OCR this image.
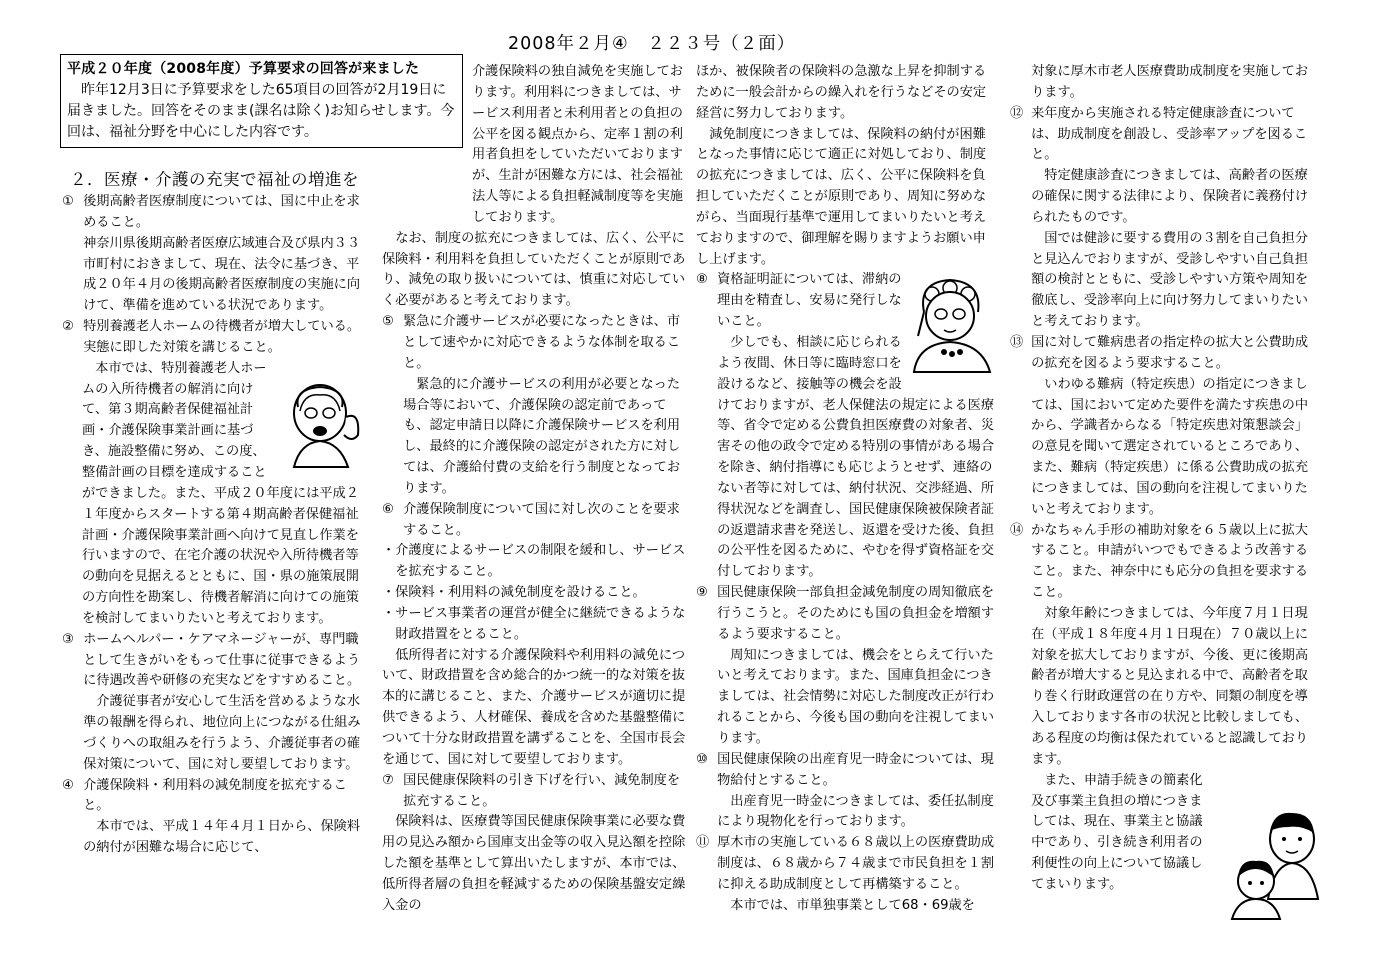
2008年２月④　２２３号（２面）
平成２０年度（2008年度）予算要求の回答が来ました
昨年12月3日に予算要求をした65項目の回答が2月19日に届きました。回答をそのまま(課名は除く)お知らせします。今回は、福祉分野を中心にした内容です。

２．医療・介護の充実で福祉の増進を

① 後期高齢者医療制度については、国に中止を求めること。

神奈川県後期高齢者医療広域連合及び県内３３市町村におきまして、現在、法令に基づき、平成２０年４月の後期高齢者医療制度の実施に向けて、準備を進めている状況であります。

② 特別養護老人ホームの待機者が増大している。実態に即した対策を講じること。

本市では、特別養護老人ホームの入所待機者の解消に向けて、第３期高齢者保健福祉計画・介護保険事業計画に基づき、施設整備に努め、この度、整備計画の目標を達成することができました。また、平成２０年度には平成２１年度からスタートする第４期高齢者保健福祉計画・介護保険事業計画へ向けて見直し作業を行いますので、在宅介護の状況や入所待機者等の動向を見据えるとともに、国・県の施策展開の方向性を勘案し、待機者解消に向けての施策を検討してまいりたいと考えております。

③ ホームヘルパー・ケアマネージャーが、専門職として生きがいをもって仕事に従事できるように待遇改善や研修の充実などをすすめること。

介護従事者が安心して生活を営めるような水準の報酬を得られ、地位向上につながる仕組みづくりへの取組みを行うよう、介護従事者の確保対策について、国に対し要望しております。

④ 介護保険料・利用料の減免制度を拡充すること。

本市では、平成１４年４月１日から、保険料の納付が困難な場合に応じて、

介護保険料の独自減免を実施しております。利用料につきましては、サービス利用者と未利用者との負担の公平を図る観点から、定率１割の利用者負担をしていただいておりますが、生計が困難な方には、社会福祉法人等による負担軽減制度等を実施しております。

なお、制度の拡充につきましては、広く、公平に保険料・利用料を負担していただくことが原則であり、減免の取り扱いについては、慎重に対応していく必要があると考えております。

⑤ 緊急に介護サービスが必要になったときは、市として速やかに対応できるような体制を取ること。

緊急的に介護サービスの利用が必要となった場合等において、介護保険の認定前であっても、認定申請日以降に介護保険サービスを利用し、最終的に介護保険の認定がされた方に対しては、介護給付費の支給を行う制度となっております。

⑥ 介護保険制度について国に対し次のことを要求すること。

・介護度によるサービスの制限を緩和し、サービスを拡充すること。

・保険料・利用料の減免制度を設けること。

・サービス事業者の運営が健全に継続できるような財政措置をとること。

低所得者に対する介護保険料や利用料の減免について、財政措置を含め総合的かつ統一的な対策を抜本的に講じること、また、介護サービスが適切に提供できるよう、人材確保、養成を含めた基盤整備について十分な財政措置を講ずることを、全国市長会を通じて、国に対して要望しております。

⑦ 国民健康保険料の引き下げを行い、減免制度を拡充すること。

保険料は、医療費等国民健康保険事業に必要な費用の見込み額から国庫支出金等の収入見込額を控除した額を基準として算出いたしますが、本市では、低所得者層の負担を軽減するための保険基盤安定繰入金の

ほか、被保険者の保険料の急激な上昇を抑制するために一般会計からの繰入れを行うなどその安定経営に努力しております。

減免制度につきましては、保険料の納付が困難となった事情に応じて適正に対処しており、制度の拡充につきましては、広く、公平に保険料を負担していただくことが原則であり、周知に努めながら、当面現行基準で運用してまいりたいと考えておりますので、御理解を賜りますようお願い申し上げます。

⑧ 資格証明証については、滞納の理由を精査し、安易に発行しないこと。

少しでも、相談に応じられるよう夜間、休日等に臨時窓口を設けるなど、接触等の機会を設けておりますが、老人保健法の規定による医療等、省令で定める公費負担医療費の対象者、災害その他の政令で定める特別の事情がある場合を除き、納付指導にも応じようとせず、連絡のない者等に対しては、納付状況、交渉経過、所得状況などを調査し、国民健康保険被保険者証の返還請求書を発送し、返還を受けた後、負担の公平性を図るために、やむを得ず資格証を交付しております。

⑨ 国民健康保険一部負担金減免制度の周知徹底を行うこうと。そのためにも国の負担金を増額するよう要求すること。

周知につきましては、機会をとらえて行いたいと考えております。また、国庫負担金につきましては、社会情勢に対応した制度改正が行われることから、今後も国の動向を注視してまいります。

⑩ 国民健康保険の出産育児一時金については、現物給付とすること。

出産育児一時金につきましては、委任払制度により現物化を行っております。

⑪ 厚木市の実施している６８歳以上の医療費助成制度は、６８歳から７４歳まで市民負担を１割に抑える助成制度として再構築すること。

本市では、市単独事業として68・69歳を

対象に厚木市老人医療費助成制度を実施しております。

⑫ 来年度から実施される特定健康診査については、助成制度を創設し、受診率アップを図ること。

特定健康診査につきましては、高齢者の医療の確保に関する法律により、保険者に義務付けられたものです。

国では健診に要する費用の３割を自己負担分と見込んでおりますが、受診しやすい自己負担額の検討とともに、受診しやすい方策や周知を徹底し、受診率向上に向け努力してまいりたいと考えております。

⑬ 国に対して難病患者の指定枠の拡大と公費助成の拡充を図るよう要求すること。

いわゆる難病（特定疾患）の指定につきましては、国において定めた要件を満たす疾患の中から、学識者からなる「特定疾患対策懇談会」の意見を聞いて選定されているところであり、また、難病（特定疾患）に係る公費助成の拡充につきましては、国の動向を注視してまいりたいと考えております。

⑭ かなちゃん手形の補助対象を６５歳以上に拡大すること。申請がいつでもできるよう改善すること。また、神奈中にも応分の負担を要求すること。

対象年齢につきましては、今年度７月１日現在（平成１８年度４月１日現在）７０歳以上に対象を拡大しておりますが、今後、更に後期高齢者が増大すると見込まれる中で、高齢者を取り巻く行財政運営の在り方や、同類の制度を導入しております各市の状況と比較しましても、ある程度の均衡は保たれていると認識しております。

また、申請手続きの簡素化及び事業主負担の増につきましては、現在、事業主と協議中であり、引き続き利用者の利便性の向上について協議してまいります。
